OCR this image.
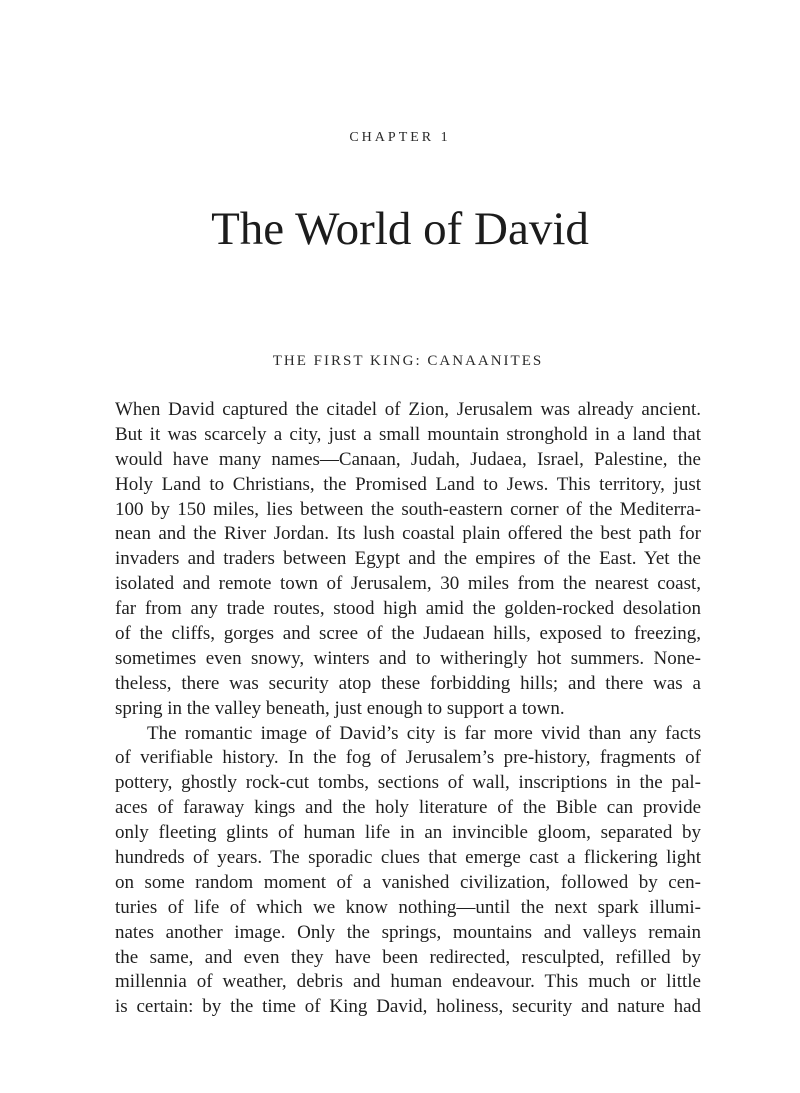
CHAPTER 1
The World of David
THE FIRST KING: CANAANITES
When David captured the citadel of Zion, Jerusalem was already ancient.
But it was scarcely a city, just a small mountain stronghold in a land that
would have many names—Canaan, Judah, Judaea, Israel, Palestine, the
Holy Land to Christians, the Promised Land to Jews. This territory, just
100 by 150 miles, lies between the south-eastern corner of the Mediterra-
nean and the River Jordan. Its lush coastal plain offered the best path for
invaders and traders between Egypt and the empires of the East. Yet the
isolated and remote town of Jerusalem, 30 miles from the nearest coast,
far from any trade routes, stood high amid the golden-rocked desolation
of the cliffs, gorges and scree of the Judaean hills, exposed to freezing,
sometimes even snowy, winters and to witheringly hot summers. None-
theless, there was security atop these forbidding hills; and there was a
spring in the valley beneath, just enough to support a town.
The romantic image of David’s city is far more vivid than any facts
of verifiable history. In the fog of Jerusalem’s pre-history, fragments of
pottery, ghostly rock-cut tombs, sections of wall, inscriptions in the pal-
aces of faraway kings and the holy literature of the Bible can provide
only fleeting glints of human life in an invincible gloom, separated by
hundreds of years. The sporadic clues that emerge cast a flickering light
on some random moment of a vanished civilization, followed by cen-
turies of life of which we know nothing—until the next spark illumi-
nates another image. Only the springs, mountains and valleys remain
the same, and even they have been redirected, resculpted, refilled by
millennia of weather, debris and human endeavour. This much or little
is certain: by the time of King David, holiness, security and nature had
